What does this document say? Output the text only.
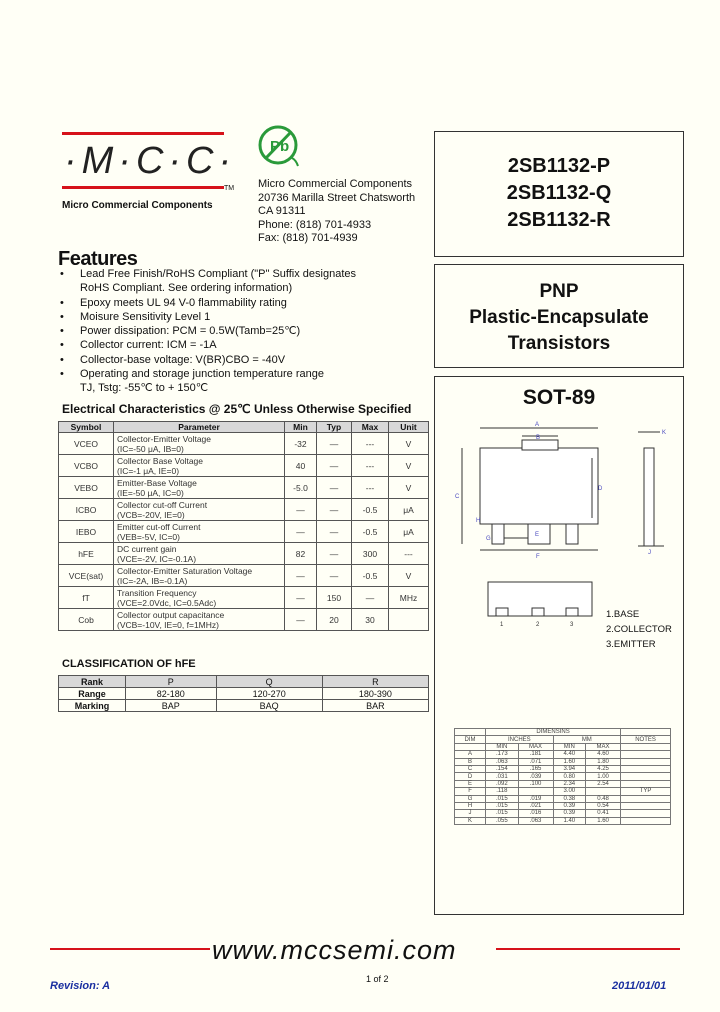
·M·C·C·
TM
Micro Commercial Components
Pb
Micro Commercial Components
20736 Marilla Street Chatsworth
CA 91311
Phone: (818) 701-4933
Fax: (818) 701-4939
2SB1132-P
2SB1132-Q
2SB1132-R
PNP
Plastic-Encapsulate
Transistors
SOT-89
A
B
C
D
E
F
G
H
J
K
1	2	3
1.BASE
2.COLLECTOR
3.EMITTER
	DIMENSINS				
DIM	INCHES		MM		NOTES
	MIN	MAX	MIN	MAX	
A	.173	.181	4.40	4.60	
B	.063	.071	1.60	1.80	
C	.154	.165	3.94	4.25	
D	.031	.039	0.80	1.00	
E	.092	.100	2.34	2.54	
F	.118		3.00		TYP
G	.015	.019	0.38	0.48	
H	.015	.021	0.39	0.54	
J	.015	.016	0.39	0.41	
K	.055	.063	1.40	1.60	
Features
• Lead Free Finish/RoHS Compliant ("P" Suffix designates
RoHS Compliant. See ordering information)
• Epoxy meets UL 94 V-0 flammability rating
• Moisure Sensitivity Level 1
• Power dissipation: PCM = 0.5W(Tamb=25℃)
• Collector current: ICM = -1A
• Collector-base voltage: V(BR)CBO = -40V
• Operating and storage junction temperature range
TJ, Tstg: -55℃ to + 150℃
Electrical Characteristics @ 25℃ Unless Otherwise Specified
Symbol	Parameter	Min	Typ	Max	Unit
VCEO	Collector-Emitter Voltage
(IC=-50 μA, IB=0)	-32	—	---	V
VCBO	Collector Base Voltage
(IC=-1 μA, IE=0)	40	—	---	V
VEBO	Emitter-Base Voltage
(IE=-50 μA, IC=0)	-5.0	—	---	V
ICBO	Collector cut-off Current
(VCB=-20V, IE=0)	—	—	-0.5	μA
IEBO	Emitter cut-off Current
(VEB=-5V, IC=0)	—	—	-0.5	μA
hFE	DC current gain
(VCE=-2V, IC=-0.1A)	82	—	300	---
VCE(sat)	Collector-Emitter Saturation Voltage
(IC=-2A, IB=-0.1A)	—	—	-0.5	V
fT	Transition Frequency
(VCE=2.0Vdc, IC=0.5Adc)	—	150	—	MHz
Cob	Collector output capacitance
(VCB=-10V, IE=0, f=1MHz)	—	20	30	
CLASSIFICATION OF hFE
Rank	P	Q	R
Range	82-180	120-270	180-390
Marking	BAP	BAQ	BAR
www.mccsemi.com
Revision: A
1 of 2
2011/01/01
